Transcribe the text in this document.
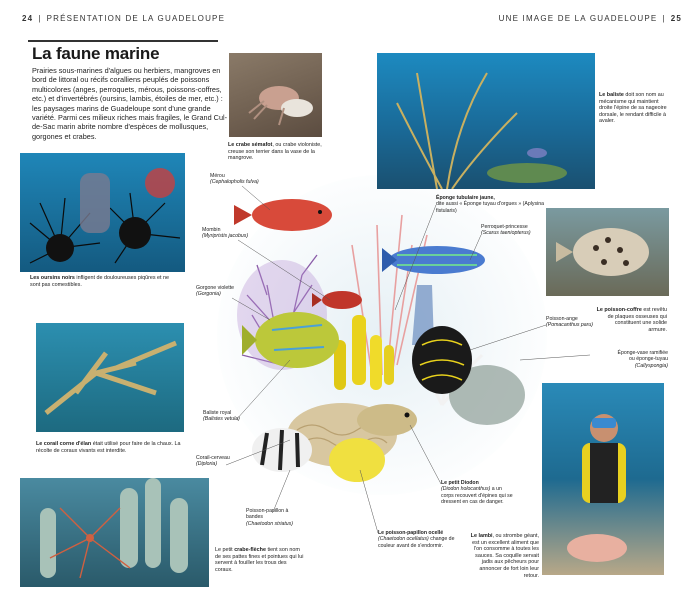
24 | PRÉSENTATION DE LA GUADELOUPE	UNE IMAGE DE LA GUADELOUPE | 25
La faune marine
Prairies sous-marines d'algues ou herbiers, mangroves en bord de littoral ou récifs coralliens peuplés de poissons multicolores (anges, perroquets, mérous, poissons-coffres, etc.) et d'invertébrés (oursins, lambis, étoiles de mer, etc.) : les paysages marins de Guadeloupe sont d'une grande variété. Parmi ces milieux riches mais fragiles, le Grand Cul-de-Sac marin abrite nombre d'espèces de mollusques, gorgones et crabes.
Le crabe sémafot, ou crabe violoniste, creuse son terrier dans la vase de la mangrove.
Le baliste doit son nom au mécanisme qui maintient droite l'épine de sa nageoire dorsale, le rendant difficile à avaler.
Les oursins noirs infligent de douloureuses piqûres et ne sont pas comestibles.
Le poisson-coffre est revêtu de plaques osseuses qui constituent une solide armure.
Le corail corne d'élan était utilisé pour faire de la chaux. La récolte de coraux vivants est interdite.
Le petit crabe-flèche tient son nom de ses pattes fines et pointues qui lui servent à fouiller les trous des coraux.
Le lambi, ou strombe géant, est un excellent aliment que l'on consomme à toutes les sauces. Sa coquille servait jadis aux pêcheurs pour annoncer de fort loin leur retour.
Mérou
(Cephalopholis fulva)
Mombin
(Myripristis jacobus)
Gorgone violette
(Gorgonia)
Baliste royal
(Balistes vetula)
Corail-cerveau
(Diploria)
Poisson-papillon à bandes
(Chaetodon striatus)
Éponge tubulaire jaune,
dite aussi « Éponge tuyau d'orgues » (Aplysina fistularis)
Perroquet-princesse
(Scarus taeniopterus)
Poisson-ange
(Pomacanthus paru)
Éponge-vase ramifiée
ou éponge-tuyau
(Callyspongia)
Le petit Diodon
(Diodon holocanthus) a un corps recouvert d'épines qui se dressent en cas de danger.
Le poisson-papillon ocellé (Chaetodon ocellatus) change de couleur avant de s'endormir.
